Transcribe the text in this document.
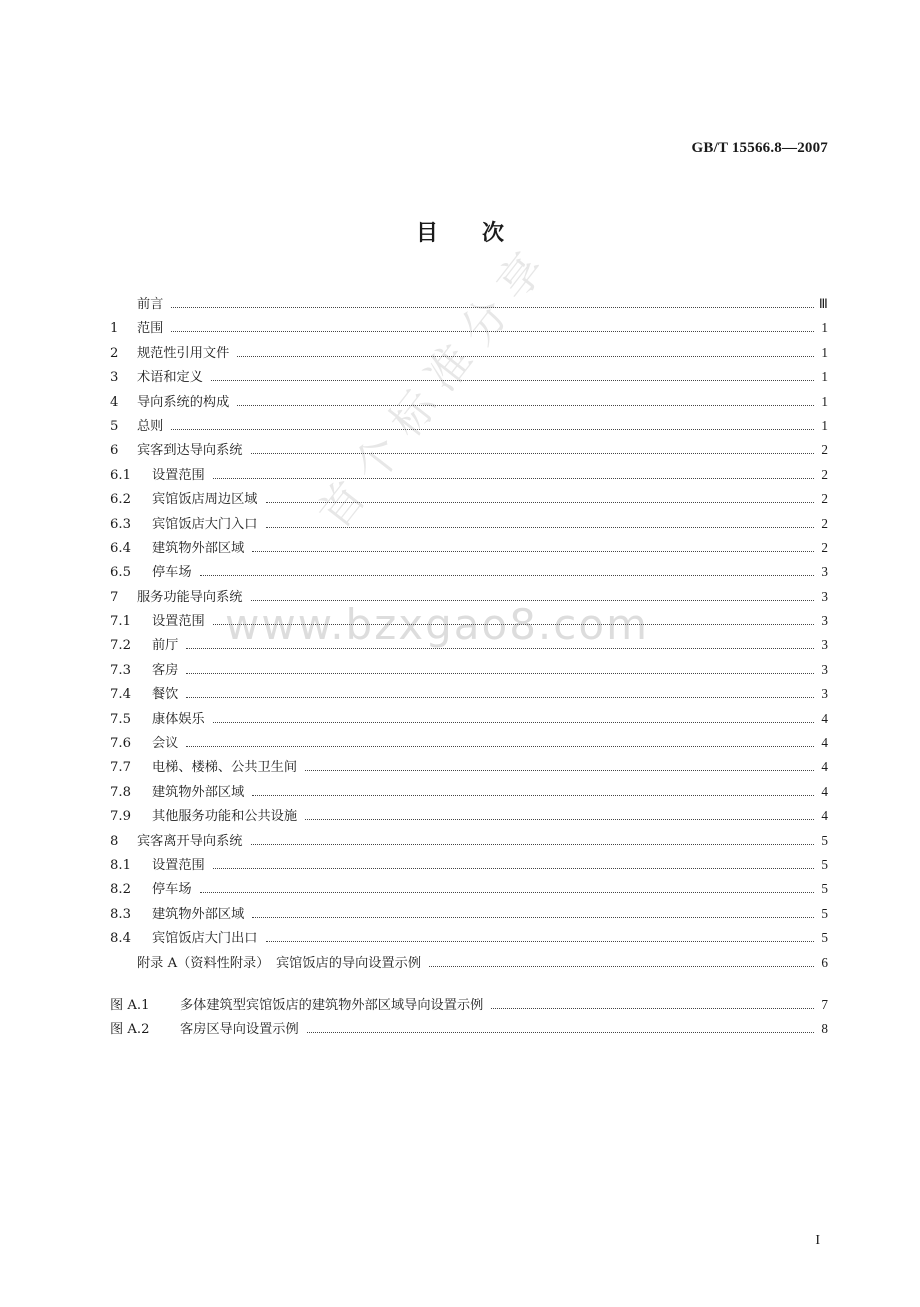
GB/T 15566.8—2007
目次
前言	Ⅲ
1	范围	1
2	规范性引用文件	1
3	术语和定义	1
4	导向系统的构成	1
5	总则	1
6	宾客到达导向系统	2
6.1	设置范围	2
6.2	宾馆饭店周边区域	2
6.3	宾馆饭店大门入口	2
6.4	建筑物外部区域	2
6.5	停车场	3
7	服务功能导向系统	3
7.1	设置范围	3
7.2	前厅	3
7.3	客房	3
7.4	餐饮	3
7.5	康体娱乐	4
7.6	会议	4
7.7	电梯、楼梯、公共卫生间	4
7.8	建筑物外部区域	4
7.9	其他服务功能和公共设施	4
8	宾客离开导向系统	5
8.1	设置范围	5
8.2	停车场	5
8.3	建筑物外部区域	5
8.4	宾馆饭店大门出口	5
附录 A（资料性附录）　宾馆饭店的导向设置示例	6
图 A.1	多体建筑型宾馆饭店的建筑物外部区域导向设置示例	7
图 A.2	客房区导向设置示例	8
www.bzxgao8.com
首 个 标 准 分 享
I
